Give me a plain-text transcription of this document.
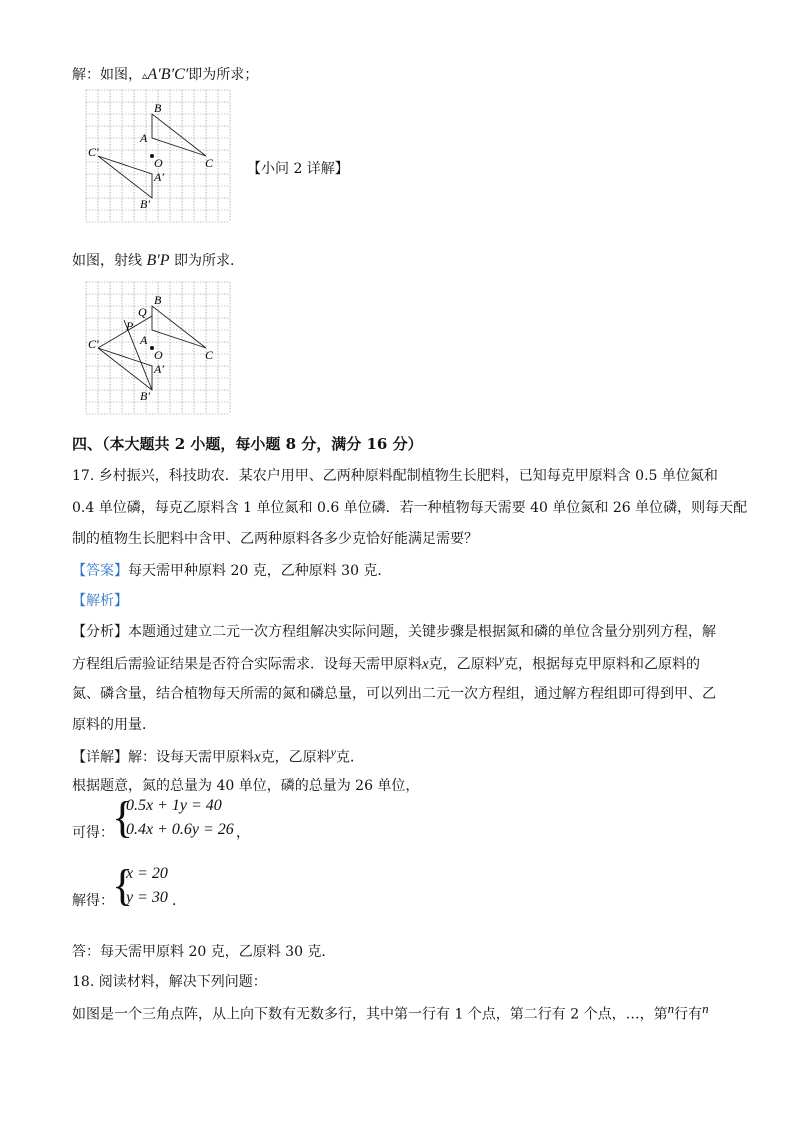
解：如图，▵A′B′C′即为所求；
B
A
C
C′
O
A′
B′
【小问 2 详解】
如图，射线 B′P 即为所求.
B
Q
P
A
C
C′
O
A′
B′
四、（本大题共 2 小题，每小题 8 分，满分 16 分）
17. 乡村振兴，科技助农．某农户用甲、乙两种原料配制植物生长肥料，已知每克甲原料含 0.5 单位氮和
0.4 单位磷，每克乙原料含 1 单位氮和 0.6 单位磷．若一种植物每天需要 40 单位氮和 26 单位磷，则每天配
制的植物生长肥料中含甲、乙两种原料各多少克恰好能满足需要？
【答案】每天需甲种原料 20 克，乙种原料 30 克．
【解析】
【分析】本题通过建立二元一次方程组解决实际问题，关键步骤是根据氮和磷的单位含量分别列方程，解
方程组后需验证结果是否符合实际需求．设每天需甲原料x克，乙原料$^y$克，根据每克甲原料和乙原料的
氮、磷含量，结合植物每天所需的氮和磷总量，可以列出二元一次方程组，通过解方程组即可得到甲、乙
原料的用量．
【详解】解：设每天需甲原料x克，乙原料$^y$克．
根据题意，氮的总量为 40 单位，磷的总量为 26 单位，
可得：
{
0.5x + 1y = 40
0.4x + 0.6y = 26 ，
解得：
{
x = 20
y = 30 ．
答：每天需甲原料 20 克，乙原料 30 克．
18. 阅读材料，解决下列问题：
如图是一个三角点阵，从上向下数有无数多行，其中第一行有 1 个点，第二行有 2 个点，…，第$^n$行有$^n$
